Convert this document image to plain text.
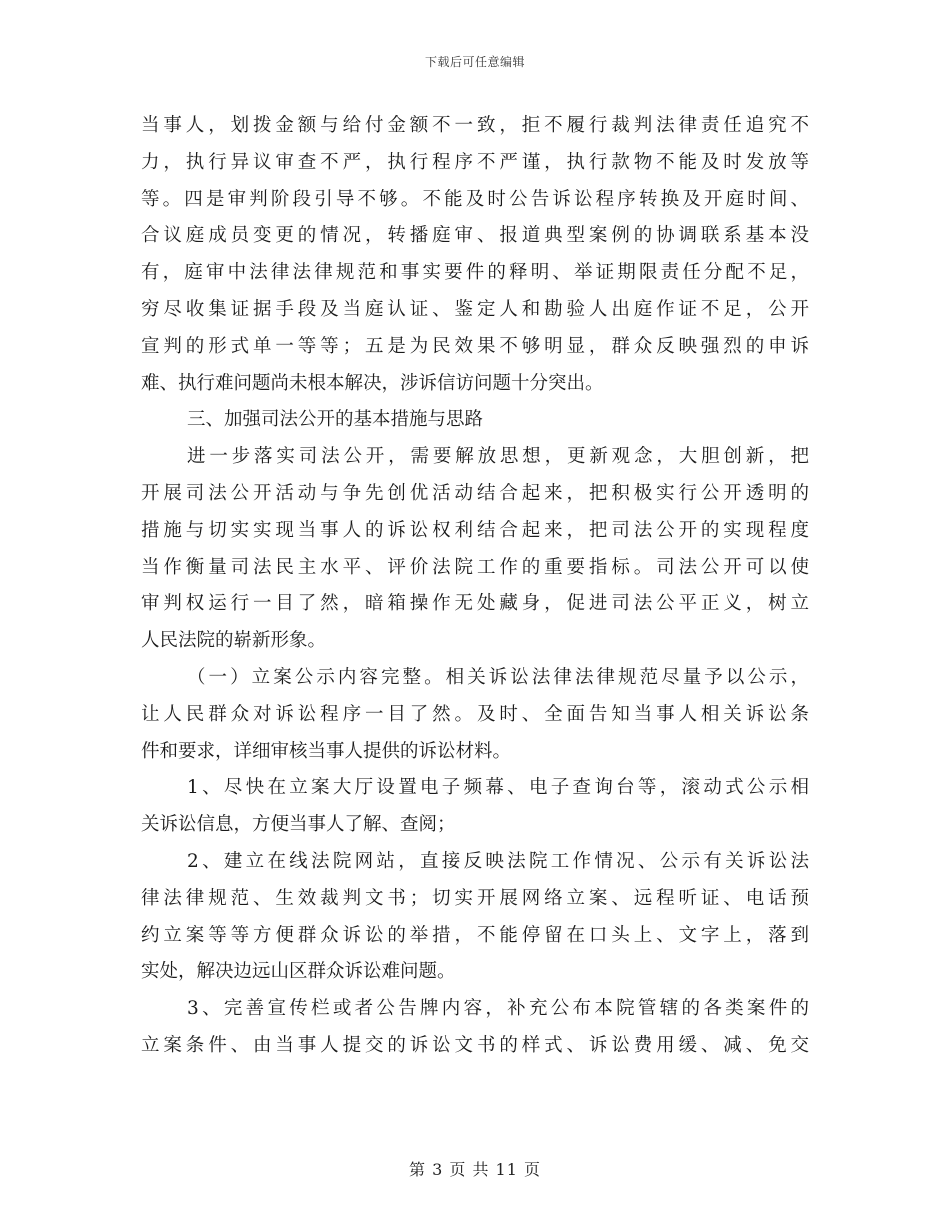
下载后可任意编辑
当事人，划拨金额与给付金额不一致，拒不履行裁判法律责任追究不
力，执行异议审查不严，执行程序不严谨，执行款物不能及时发放等
等。四是审判阶段引导不够。不能及时公告诉讼程序转换及开庭时间、
合议庭成员变更的情况，转播庭审、报道典型案例的协调联系基本没
有，庭审中法律法律规范和事实要件的释明、举证期限责任分配不足，
穷尽收集证据手段及当庭认证、鉴定人和勘验人出庭作证不足，公开
宣判的形式单一等等；五是为民效果不够明显，群众反映强烈的申诉
难、执行难问题尚未根本解决，涉诉信访问题十分突出。
三、加强司法公开的基本措施与思路
进一步落实司法公开，需要解放思想，更新观念，大胆创新，把
开展司法公开活动与争先创优活动结合起来，把积极实行公开透明的
措施与切实实现当事人的诉讼权利结合起来，把司法公开的实现程度
当作衡量司法民主水平、评价法院工作的重要指标。司法公开可以使
审判权运行一目了然，暗箱操作无处藏身，促进司法公平正义，树立
人民法院的崭新形象。
（一）立案公示内容完整。相关诉讼法律法律规范尽量予以公示，
让人民群众对诉讼程序一目了然。及时、全面告知当事人相关诉讼条
件和要求，详细审核当事人提供的诉讼材料。
1、尽快在立案大厅设置电子频幕、电子查询台等，滚动式公示相
关诉讼信息，方便当事人了解、查阅；
2、建立在线法院网站，直接反映法院工作情况、公示有关诉讼法
律法律规范、生效裁判文书；切实开展网络立案、远程听证、电话预
约立案等等方便群众诉讼的举措，不能停留在口头上、文字上，落到
实处，解决边远山区群众诉讼难问题。
3、完善宣传栏或者公告牌内容，补充公布本院管辖的各类案件的
立案条件、由当事人提交的诉讼文书的样式、诉讼费用缓、减、免交
第 3 页 共 11 页
